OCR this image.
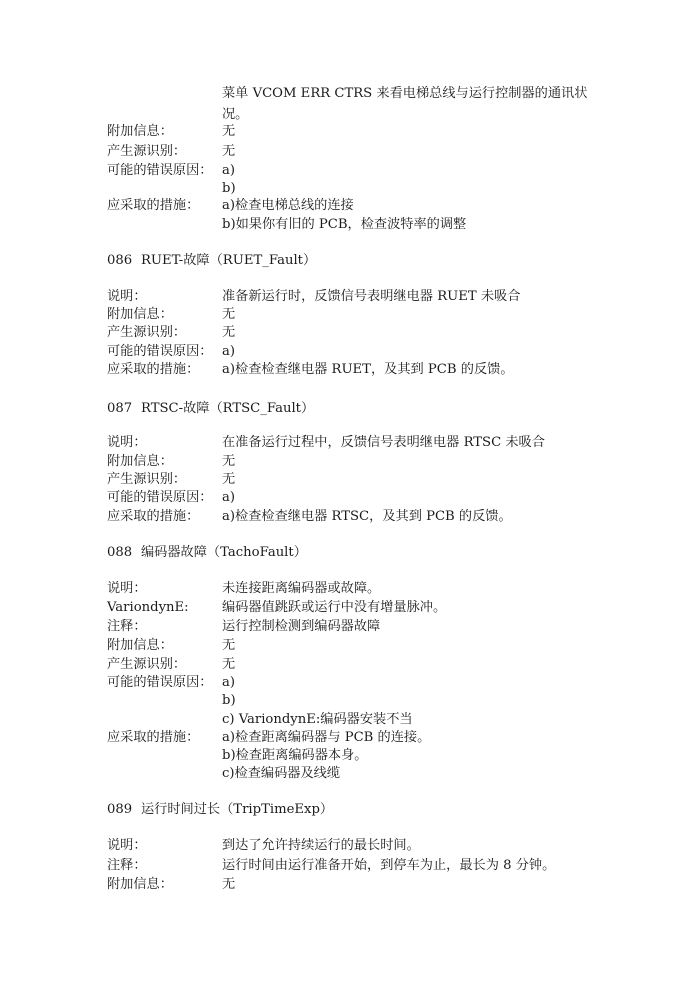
菜单 VCOM ERR CTRS 来看电梯总线与运行控制器的通讯状
况。
附加信息：	无
产生源识别：	无
可能的错误原因： a)
b)
应采取的措施： a)检查电梯总线的连接
b)如果你有旧的 PCB，检查波特率的调整
086 RUET-故障（RUET_Fault）
说明：	准备新运行时，反馈信号表明继电器 RUET 未吸合
附加信息：	无
产生源识别：	无
可能的错误原因： a)
应采取的措施： a)检查检查继电器 RUET，及其到 PCB 的反馈。
087 RTSC-故障（RTSC_Fault）
说明：	在准备运行过程中，反馈信号表明继电器 RTSC 未吸合
附加信息：	无
产生源识别：	无
可能的错误原因： a)
应采取的措施： a)检查检查继电器 RTSC，及其到 PCB 的反馈。
088 编码器故障（TachoFault）
说明：	未连接距离编码器或故障。
VariondynE:	编码器值跳跃或运行中没有增量脉冲。
注释：	运行控制检测到编码器故障
附加信息：	无
产生源识别：	无
可能的错误原因： a)
b)
c) VariondynE:编码器安装不当
应采取的措施： a)检查距离编码器与 PCB 的连接。
b)检查距离编码器本身。
c)检查编码器及线缆
089 运行时间过长（TripTimeExp）
说明：	到达了允许持续运行的最长时间。
注释：	运行时间由运行准备开始，到停车为止，最长为 8 分钟。
附加信息：	无
